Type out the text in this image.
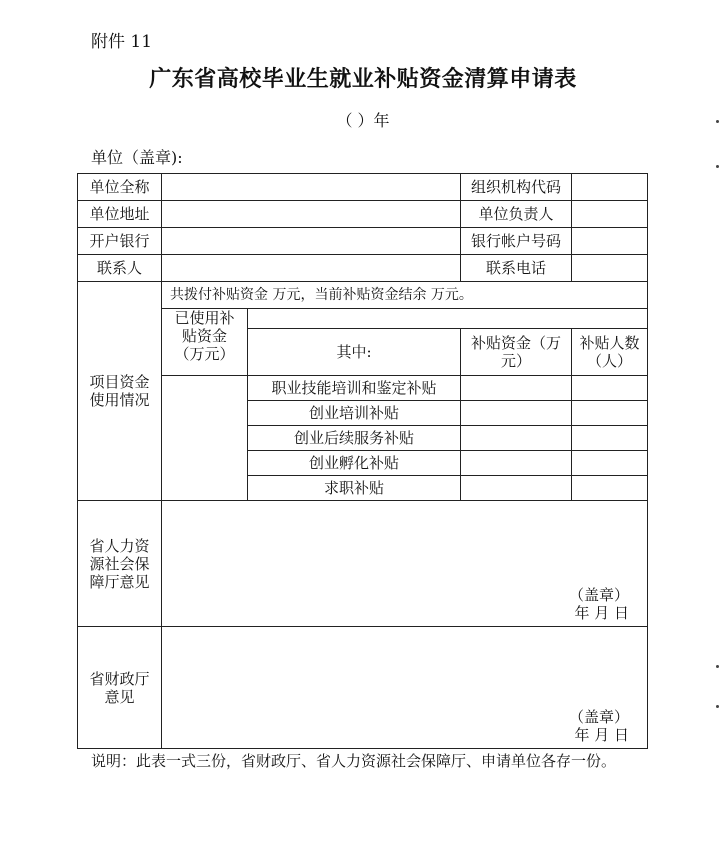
附件 11
广东省高校毕业生就业补贴资金清算申请表
（ ）年
单位（盖章):
单位全称			组织机构代码	
单位地址			单位负责人	
开户银行			银行帐户号码	
联系人			联系电话	

项目资金使用情况	共拨付补贴资金 万元，当前补贴资金结余 万元。			

	已使用补贴资金（万元）			

		其中:	补贴资金（万元）	补贴人数（人）

		职业技能培训和鉴定补贴		
		创业培训补贴		
		创业后续服务补贴		
		创业孵化补贴		
		求职补贴		

省人力资源社会保障厅意见	（盖章）
年 月 日			

省财政厅意见	（盖章）
年 月 日			
说明：此表一式三份，省财政厅、省人力资源社会保障厅、申请单位各存一份。
